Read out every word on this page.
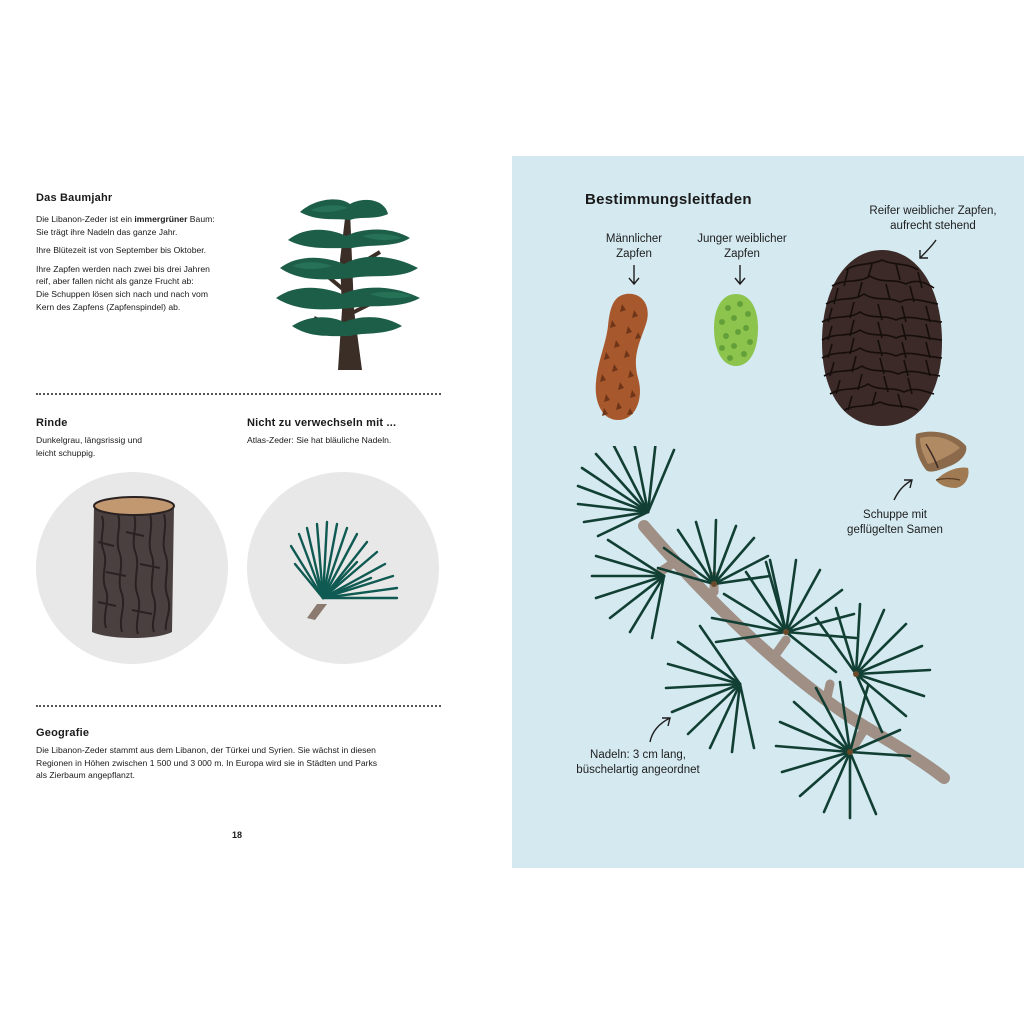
Das Baumjahr
Die Libanon-Zeder ist ein immergrüner Baum:
Sie trägt ihre Nadeln das ganze Jahr.
Ihre Blütezeit ist von September bis Oktober.
Ihre Zapfen werden nach zwei bis drei Jahren
reif, aber fallen nicht als ganze Frucht ab:
Die Schuppen lösen sich nach und nach vom
Kern des Zapfens (Zapfenspindel) ab.
Rinde
Dunkelgrau, längsrissig und
leicht schuppig.
Nicht zu verwechseln mit ...
Atlas-Zeder: Sie hat bläuliche Nadeln.
Geografie
Die Libanon-Zeder stammt aus dem Libanon, der Türkei und Syrien. Sie wächst in diesen
Regionen in Höhen zwischen 1 500 und 3 000 m. In Europa wird sie in Städten und Parks
als Zierbaum angepflanzt.
18
Bestimmungsleitfaden
Männlicher
Zapfen
Junger weiblicher
Zapfen
Reifer weiblicher Zapfen,
aufrecht stehend
Schuppe mit
geflügelten Samen
Nadeln: 3 cm lang,
büschelartig angeordnet
